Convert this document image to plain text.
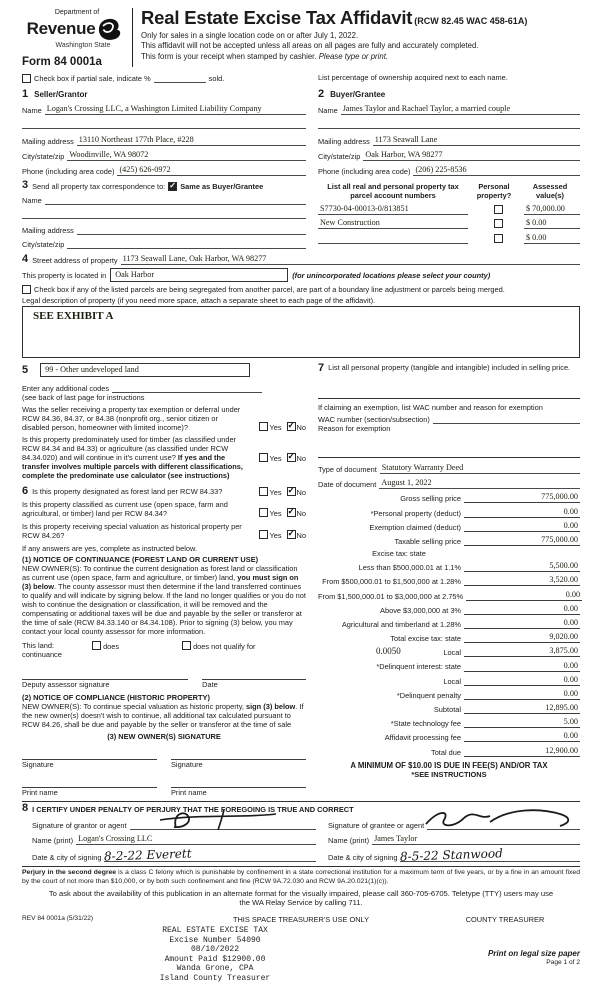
Department of
Revenue
Washington State
Form 84 0001a
Real Estate Excise Tax Affidavit (RCW 82.45 WAC 458-61A)
Only for sales in a single location code on or after July 1, 2022.
This affidavit will not be accepted unless all areas on all pages are fully and accurately completed.
This form is your receipt when stamped by cashier. Please type or print.
Check box if partial sale, indicate %	sold.	List percentage of ownership acquired next to each name.
1 Seller/Grantor
Name Logan's Crossing LLC, a Washington Limited Liability Company
Mailing address 13110 Northeast 177th Place, #228
City/state/zip Woodinville, WA 98072
Phone (including area code) (425) 626-0972
2 Buyer/Grantee
Name James Taylor and Rachael Taylor, a married couple
Mailing address 1173 Seawall Lane
City/state/zip Oak Harbor, WA 98277
Phone (including area code) (206) 225-8536
3 Send all property tax correspondence to: ✓ Same as Buyer/Grantee
Name
Mailing address
City/state/zip
List all real and personal property tax parcel account numbers
Personal property?
Assessed value(s)
S7730-04-00013-0/813851	$ 70,000.00
New Construction	$ 0.00
$ 0.00
4 Street address of property 1173 Seawall Lane, Oak Harbor, WA 98277
This property is located in	Oak Harbor	(for unincorporated locations please select your county)
Check box if any of the listed parcels are being segregated from another parcel, are part of a boundary line adjustment or parcels being merged.
Legal description of property (if you need more space, attach a separate sheet to each page of the affidavit).
SEE EXHIBIT A
5	99 - Other undeveloped land
Enter any additional codes
(see back of last page for instructions
Was the seller receiving a property tax exemption or deferral under RCW 84.36, 84.37, or 84.38 (nonprofit org., senior citizen or disabled person, homeowner with limited income)?	Yes ✓ No
Is this property predominately used for timber (as classified under RCW 84.34 and 84.33) or agriculture (as classified under RCW 84.34.020) and will continue in it's current use? If yes and the transfer involves multiple parcels with different classifications, complete the predominate use calculator (see instructions)
Yes ✓ No
6 Is this property designated as forest land per RCW 84.33?	Yes ✓ No
Is this property classified as current use (open space, farm and agricultural, or timber) land per RCW 84.34?	Yes ✓ No
Is this property receiving special valuation as historical property per RCW 84.26?	Yes ✓ No
If any answers are yes, complete as instructed below.
(1) NOTICE OF CONTINUANCE (FOREST LAND OR CURRENT USE)
NEW OWNER(S): To continue the current designation as forest land or classification as current use (open space, farm and agriculture, or timber) land, you must sign on (3) below. The county assessor must then determine if the land transferred continues to qualify and will indicate by signing below. If the land no longer qualifies or you do not wish to continue the designation or classification, it will be removed and the compensating or additional taxes will be due and payable by the seller or transferor at the time of sale (RCW 84.33.140 or 84.34.108). Prior to signing (3) below, you may contact your local county assessor for more information.
This land:
continuance
does	does not qualify for
Deputy assessor signature	Date
(2) NOTICE OF COMPLIANCE (HISTORIC PROPERTY)
NEW OWNER(S): To continue special valuation as historic property, sign (3) below. If the new owner(s) doesn't wish to continue, all additional tax calculated pursuant to RCW 84.26, shall be due and payable by the seller or transferor at the time of sale
(3) NEW OWNER(S) SIGNATURE
Signature	Signature
Print name	Print name
7 List all personal property (tangible and intangible) included in selling price.
If claiming an exemption, list WAC number and reason for exemption
WAC number (section/subsection)
Reason for exemption
Type of document Statutory Warranty Deed
Date of document August 1, 2022
Gross selling price	775,000.00
*Personal property (deduct)	0.00
Exemption claimed (deduct)	0.00
Taxable selling price	775,000.00
Excise tax: state
Less than $500,000.01 at 1.1%	5,500.00
From $500,000.01 to $1,500,000 at 1.28%	3,520.00
From $1,500,000.01 to $3,000,000 at 2.75%	0.00
Above $3,000,000 at 3%	0.00
Agricultural and timberland at 1.28%	0.00
Total excise tax: state	9,020.00
0.0050	Local	3,875.00
*Delinquent interest: state	0.00
Local	0.00
*Delinquent penalty	0.00
Subtotal	12,895.00
*State technology fee	5.00
Affidavit processing fee	0.00
Total due	12,900.00
A MINIMUM OF $10.00 IS DUE IN FEE(S) AND/OR TAX
*SEE INSTRUCTIONS
8 I CERTIFY UNDER PENALTY OF PERJURY THAT THE FOREGOING IS TRUE AND CORRECT
Signature of grantor or agent
Name (print) Logan's Crossing LLC
Date & city of signing 8-2-22 Everett
Signature of grantee or agent
Name (print) James Taylor
Date & city of signing 8-5-22 Stanwood
Perjury in the second degree is a class C felony which is punishable by confinement in a state correctional institution for a maximum term of five years, or by a fine in an amount fixed by the court of not more than $10,000, or by both such confinement and fine (RCW 9A.72.030 and RCW 9A.20.021(1)(c)).
To ask about the availability of this publication in an alternate format for the visually impaired, please call 360-705-6705. Teletype (TTY) users may use the WA Relay Service by calling 711.
REV 84 0001a (5/31/22)	THIS SPACE TREASURER'S USE ONLY	COUNTY TREASURER
REAL ESTATE EXCISE TAX
Excise Number 54090
08/10/2022
Amount Paid $12900.00
Wanda Grone, CPA
Island County Treasurer
Print on legal size paper
Page 1 of 2
